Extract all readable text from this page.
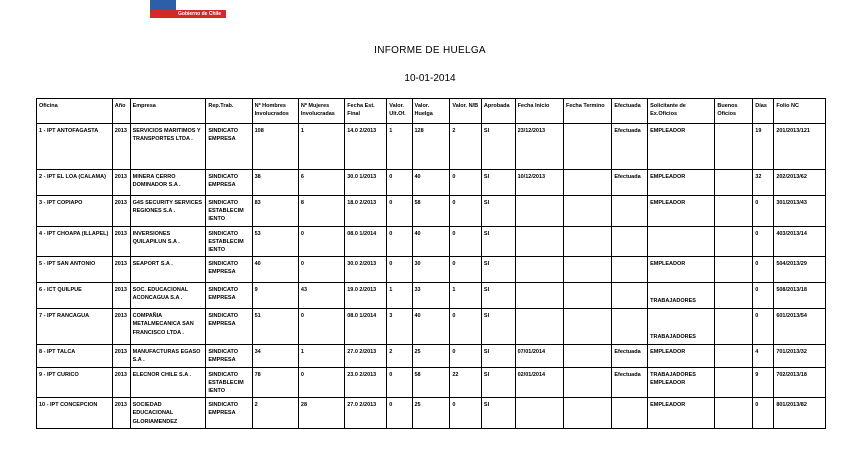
Gobierno de Chile
INFORME DE HUELGA
10-01-2014
Oficina	Año	Empresa	Rep.Trab.	Nº Hombres Involucrados	Nº Mujeres Involucradas	Fecha Est. Final	Valor. Ult.Of.	Valor. Huelga	Valor. N/B	Aprobada	Fecha Inicio	Fecha Termino	Efectuada	Solicitante de Ex.Oficios	Buenos Oficios	Días	Folio NC
1 - IPT ANTOFAGASTA	2013	SERVICIOS MARITIMOS Y TRANSPORTES LTDA .	SINDICATO EMPRESA	108	1	14.0 2/2013	1	128	2	SI	23/12/2013		Efectuada	EMPLEADOR		19	201/2013/121
2 - IPT EL LOA (CALAMA)	2013	MINERA CERRO DOMINADOR S.A .	SINDICATO EMPRESA	38	6	30.0 1/2013	0	40	0	SI	10/12/2013		Efectuada	EMPLEADOR		32	202/2013/62
3 - IPT COPIAPO	2013	G4S SECURITY SERVICES REGIONES S.A .	SINDICATO ESTABLECIM IENTO	83	8	18.0 2/2013	0	58	0	SI				EMPLEADOR		0	301/2013/43
4 - IPT CHOAPA (ILLAPEL)	2013	INVERSIONES QUILAPILUN S.A .	SINDICATO ESTABLECIM IENTO	53	0	08.0 1/2014	0	40	0	SI						0	403/2013/14
5 - IPT SAN ANTONIO	2013	SEAPORT S.A .	SINDICATO EMPRESA	40	0	30.0 2/2013	0	30	0	SI				EMPLEADOR		0	504/2013/29
6 - ICT QUILPUE	2013	SOC. EDUCACIONAL ACONCAGUA S.A .	SINDICATO EMPRESA	9	43	19.0 2/2013	1	33	1	SI				TRABAJADORES		0	508/2013/18
7 - IPT RANCAGUA	2013	COMPAÑIA METALMECANICA SAN FRANCISCO LTDA .	SINDICATO EMPRESA	51	0	08.0 1/2014	3	40	0	SI				TRABAJADORES		0	601/2013/54
8 - IPT TALCA	2013	MANUFACTURAS EGASO S.A .	SINDICATO EMPRESA	34	1	27.0 2/2013	2	25	0	SI	07/01/2014		Efectuada	EMPLEADOR		4	701/2013/32
9 - IPT CURICO	2013	ELECNOR CHILE S.A .	SINDICATO ESTABLECIM IENTO	78	0	23.0 2/2013	0	58	22	SI	02/01/2014		Efectuada	TRABAJADORES EMPLEADOR		9	702/2013/18
10 - IPT CONCEPCION	2013	SOCIEDAD EDUCACIONAL GLORIAMENDEZ	SINDICATO EMPRESA	2	28	27.0 2/2013	0	25	0	SI				EMPLEADOR		0	801/2013/82
